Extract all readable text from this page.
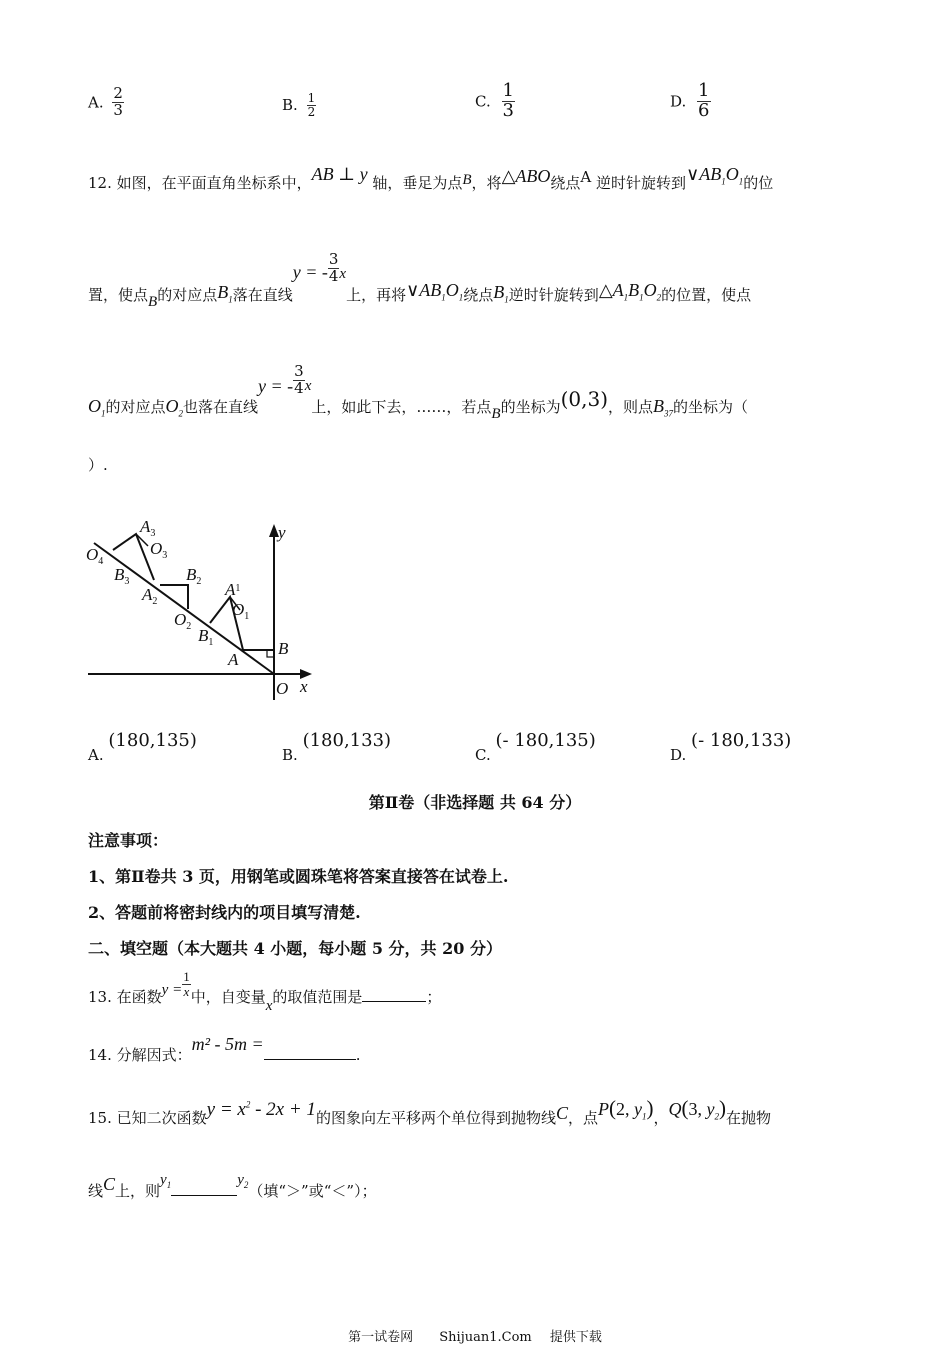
A. $\frac{2}{3}$	B. $\frac{1}{2}$	C. $\frac{1}{3}$	D. $\frac{1}{6}$
12. 如图，在平面直角坐标系中，AB ⊥ y 轴，垂足为点B，将△ABO绕点A 逆时针旋转到$\vee AB_1O_1$的位
置，使点B的对应点$B_1$落在直线y = - $\frac{3}{4}$ x上，再将$\vee AB_1O_1$绕点$B_1$逆时针旋转到$\triangle A_1B_1O_2$的位置，使点
$O_1$的对应点$O_2$也落在直线y = - $\frac{3}{4}$ x上，如此下去，……，若点B的坐标为(0,3)，则点$B_{37}$的坐标为（
）.
y
x
O
B
A
$A^1$
$O_1$
$B_1$
$O_2$
$A_2$
$B_2$
$A_3$
$O_3$
$B_3$
$O_4$
A. (180,135)
B. (180,133)
C. (- 180,135)
D. (- 180,133)
第Ⅱ卷（非选择题 共 64 分）
注意事项：
1、第Ⅱ卷共 3 页，用钢笔或圆珠笔将答案直接答在试卷上.
2、答题前将密封线内的项目填写清楚.
二、填空题（本大题共 4 小题，每小题 5 分，共 20 分）
13. 在函数$y = \frac{1}{x}$ 中，自变量x的取值范围是	；
14. 分解因式：m² - 5m =.
15. 已知二次函数$y = x^2 - 2x + 1$的图象向左平移两个单位得到抛物线C，点P(2, $y_1$)，Q(3, $y_2$)在抛物
线C上，则$y_1$	$y_2$（填“＞”或“＜”）；
第一试卷网 Shijuan1.Com 提供下载
